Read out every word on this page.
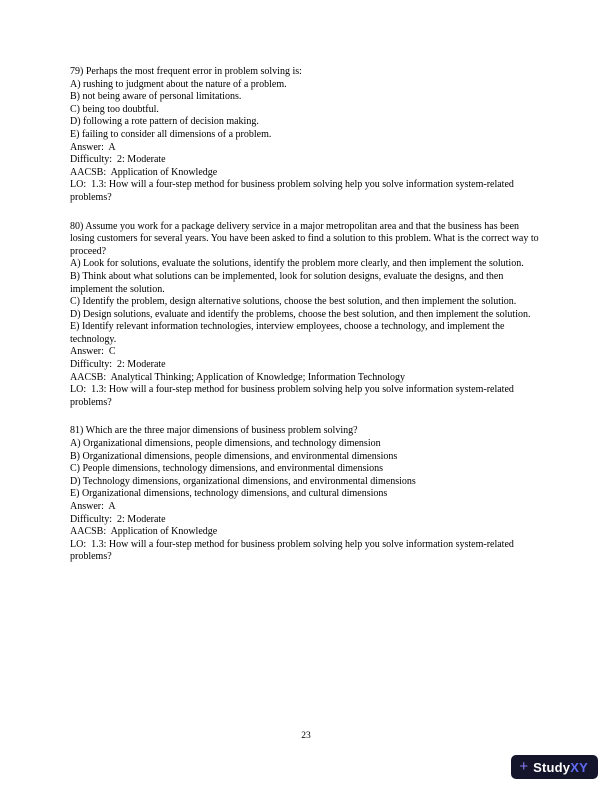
79) Perhaps the most frequent error in problem solving is:
A) rushing to judgment about the nature of a problem.
B) not being aware of personal limitations.
C) being too doubtful.
D) following a rote pattern of decision making.
E) failing to consider all dimensions of a problem.
Answer:  A
Difficulty:  2: Moderate
AACSB:  Application of Knowledge
LO:  1.3: How will a four-step method for business problem solving help you solve information system-related problems?
80) Assume you work for a package delivery service in a major metropolitan area and that the business has been losing customers for several years. You have been asked to find a solution to this problem. What is the correct way to proceed?
A) Look for solutions, evaluate the solutions, identify the problem more clearly, and then implement the solution.
B) Think about what solutions can be implemented, look for solution designs, evaluate the designs, and then implement the solution.
C) Identify the problem, design alternative solutions, choose the best solution, and then implement the solution.
D) Design solutions, evaluate and identify the problems, choose the best solution, and then implement the solution.
E) Identify relevant information technologies, interview employees, choose a technology, and implement the technology.
Answer:  C
Difficulty:  2: Moderate
AACSB:  Analytical Thinking; Application of Knowledge; Information Technology
LO:  1.3: How will a four-step method for business problem solving help you solve information system-related problems?
81) Which are the three major dimensions of business problem solving?
A) Organizational dimensions, people dimensions, and technology dimension
B) Organizational dimensions, people dimensions, and environmental dimensions
C) People dimensions, technology dimensions, and environmental dimensions
D) Technology dimensions, organizational dimensions, and environmental dimensions
E) Organizational dimensions, technology dimensions, and cultural dimensions
Answer:  A
Difficulty:  2: Moderate
AACSB:  Application of Knowledge
LO:  1.3: How will a four-step method for business problem solving help you solve information system-related problems?
23
+ StudyXY
